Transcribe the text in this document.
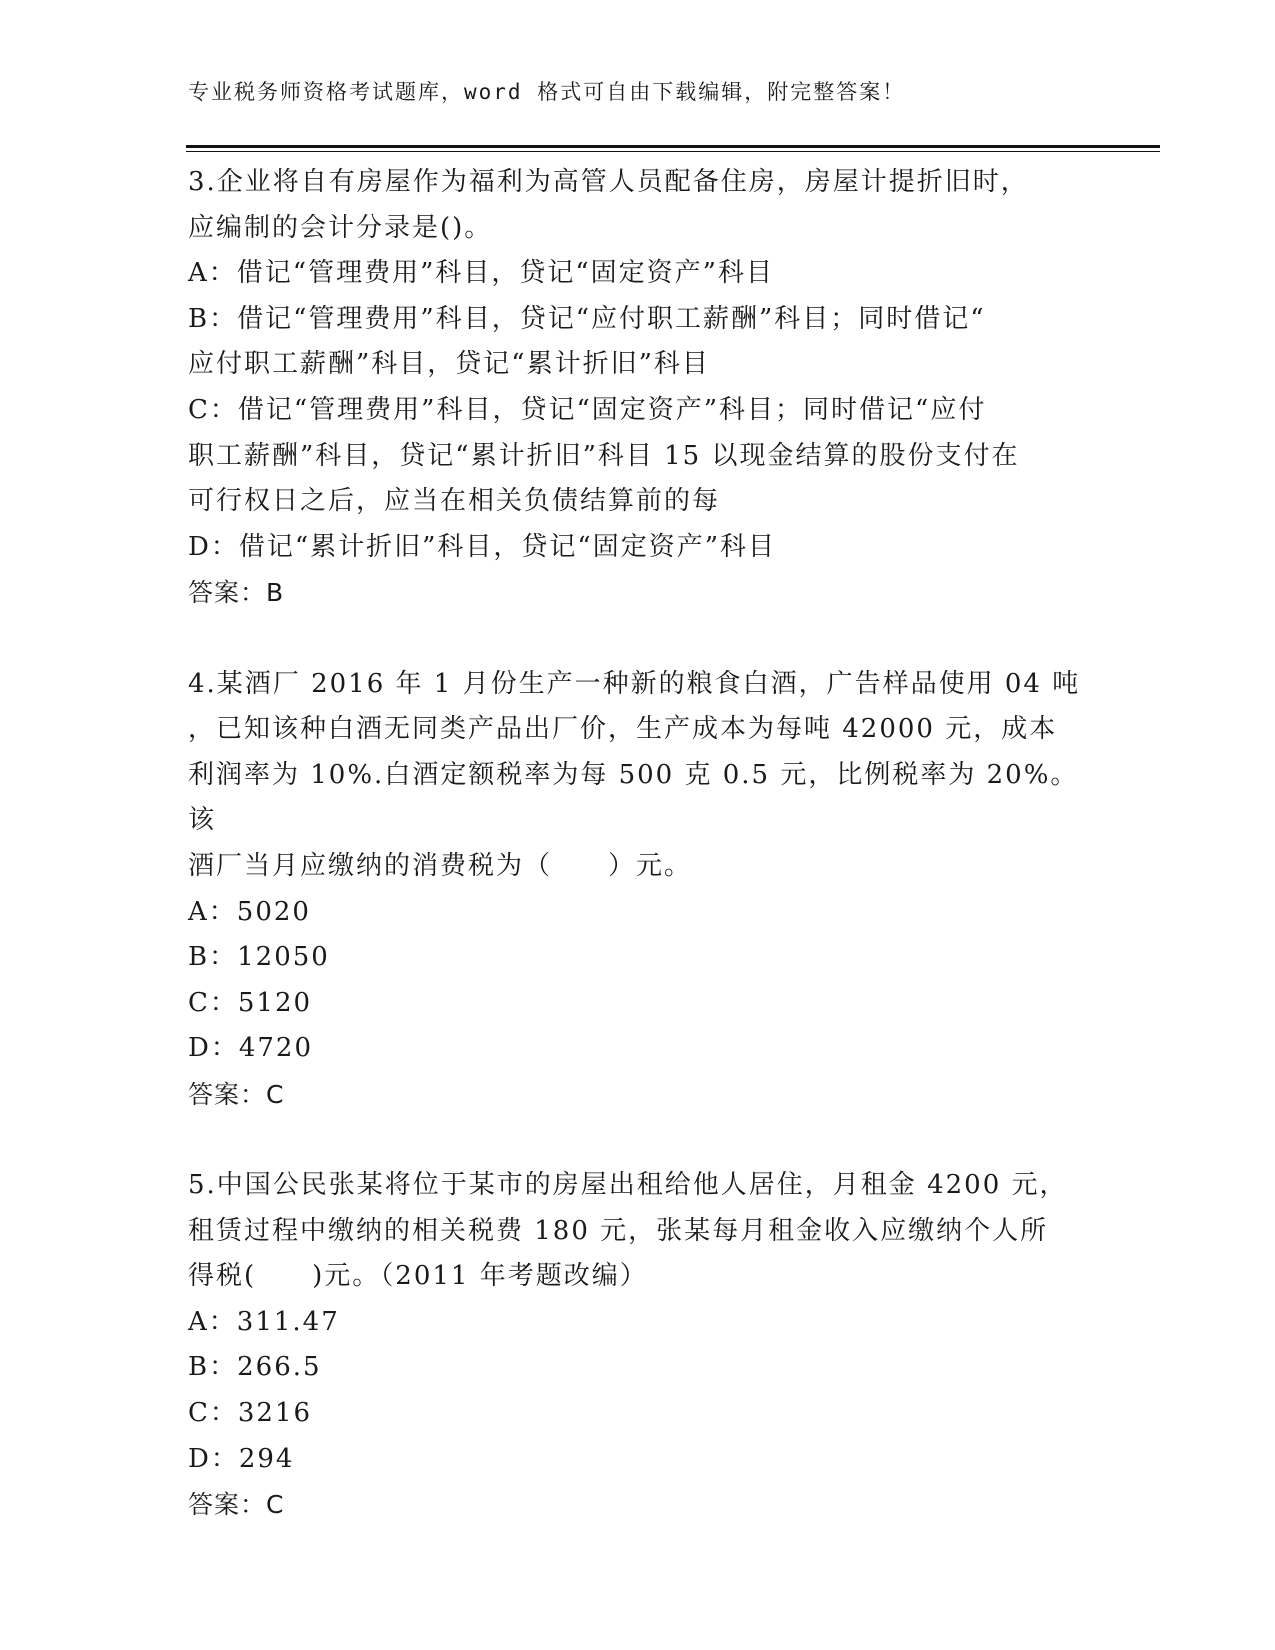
专业税务师资格考试题库，word 格式可自由下载编辑，附完整答案！

3.企业将自有房屋作为福利为高管人员配备住房，房屋计提折旧时，

应编制的会计分录是()。

A：借记“管理费用”科目，贷记“固定资产”科目

B：借记“管理费用”科目，贷记“应付职工薪酬”科目；同时借记“

应付职工薪酬”科目，贷记“累计折旧”科目

C：借记“管理费用”科目，贷记“固定资产”科目；同时借记“应付

职工薪酬”科目，贷记“累计折旧”科目 15 以现金结算的股份支付在

可行权日之后，应当在相关负债结算前的每

D：借记“累计折旧”科目，贷记“固定资产”科目

答案：B

4.某酒厂 2016 年 1 月份生产一种新的粮食白酒，广告样品使用 04 吨

，已知该种白酒无同类产品出厂价，生产成本为每吨 42000 元，成本

利润率为 10%.白酒定额税率为每 500 克 0.5 元，比例税率为 20%。该

酒厂当月应缴纳的消费税为（　　）元。

A：5020

B：12050

C：5120

D：4720

答案：C

5.中国公民张某将位于某市的房屋出租给他人居住，月租金 4200 元，

租赁过程中缴纳的相关税费 180 元，张某每月租金收入应缴纳个人所

得税(　　)元。（2011 年考题改编）

A：311.47

B：266.5

C：3216

D：294

答案：C
